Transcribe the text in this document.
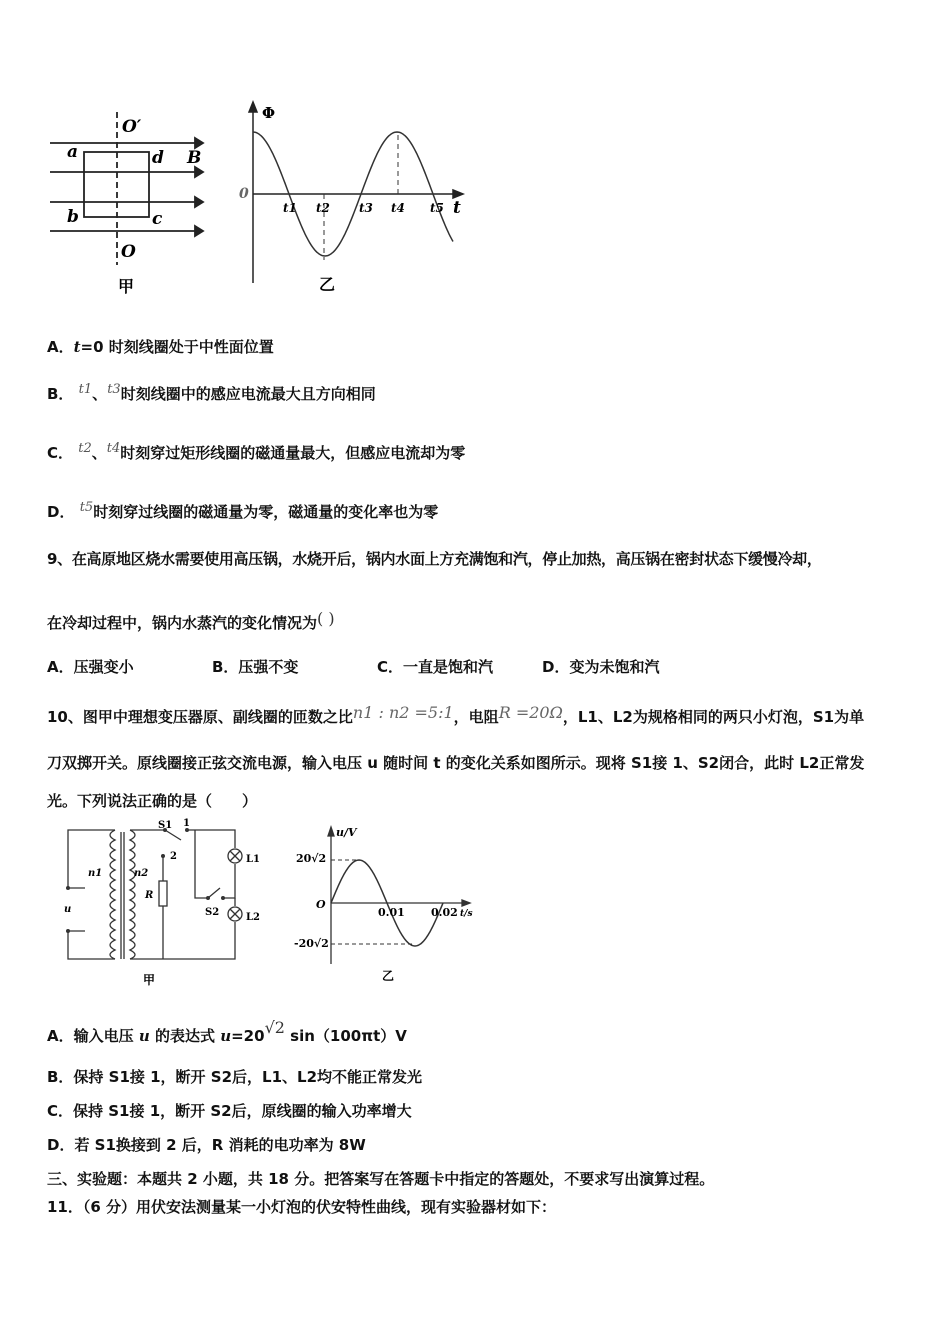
a	d B
b	c
O′
O
甲
Φ
0
t
t1 t2 t3 t4 t5
乙
A．t=0 时刻线圈处于中性面位置
B． t1、t3时刻线圈中的感应电流最大且方向相同
C． t2、t4时刻穿过矩形线圈的磁通量最大，但感应电流却为零
D． t5时刻穿过线圈的磁通量为零，磁通量的变化率也为零
9、在高原地区烧水需要使用高压锅，水烧开后，锅内水面上方充满饱和汽，停止加热，高压锅在密封状态下缓慢冷却，
在冷却过程中，锅内水蒸汽的变化情况为( )
A．压强变小	B．压强不变	C．一直是饱和汽	D．变为未饱和汽
10、图甲中理想变压器原、副线圈的匝数之比n1 : n2 =5:1，电阻R =20Ω，L1、L2为规格相同的两只小灯泡，S1为单
刀双掷开关。原线圈接正弦交流电源，输入电压 u 随时间 t 的变化关系如图所示。现将 S1接 1、S2闭合，此时 L2正常发
光。下列说法正确的是（　　）
S1 1
2
R
S2
L1
L2
n1	n2
u
甲
u/V
20√2
-20√2
O
0.01 0.02 t/s
乙
A．输入电压 u 的表达式 u=20√2 sin（100πt）V
B．保持 S1接 1，断开 S2后，L1、L2均不能正常发光
C．保持 S1接 1，断开 S2后，原线圈的输入功率增大
D．若 S1换接到 2 后，R 消耗的电功率为 8W
三、实验题：本题共 2 小题，共 18 分。把答案写在答题卡中指定的答题处，不要求写出演算过程。
11．（6 分）用伏安法测量某一小灯泡的伏安特性曲线，现有实验器材如下：
